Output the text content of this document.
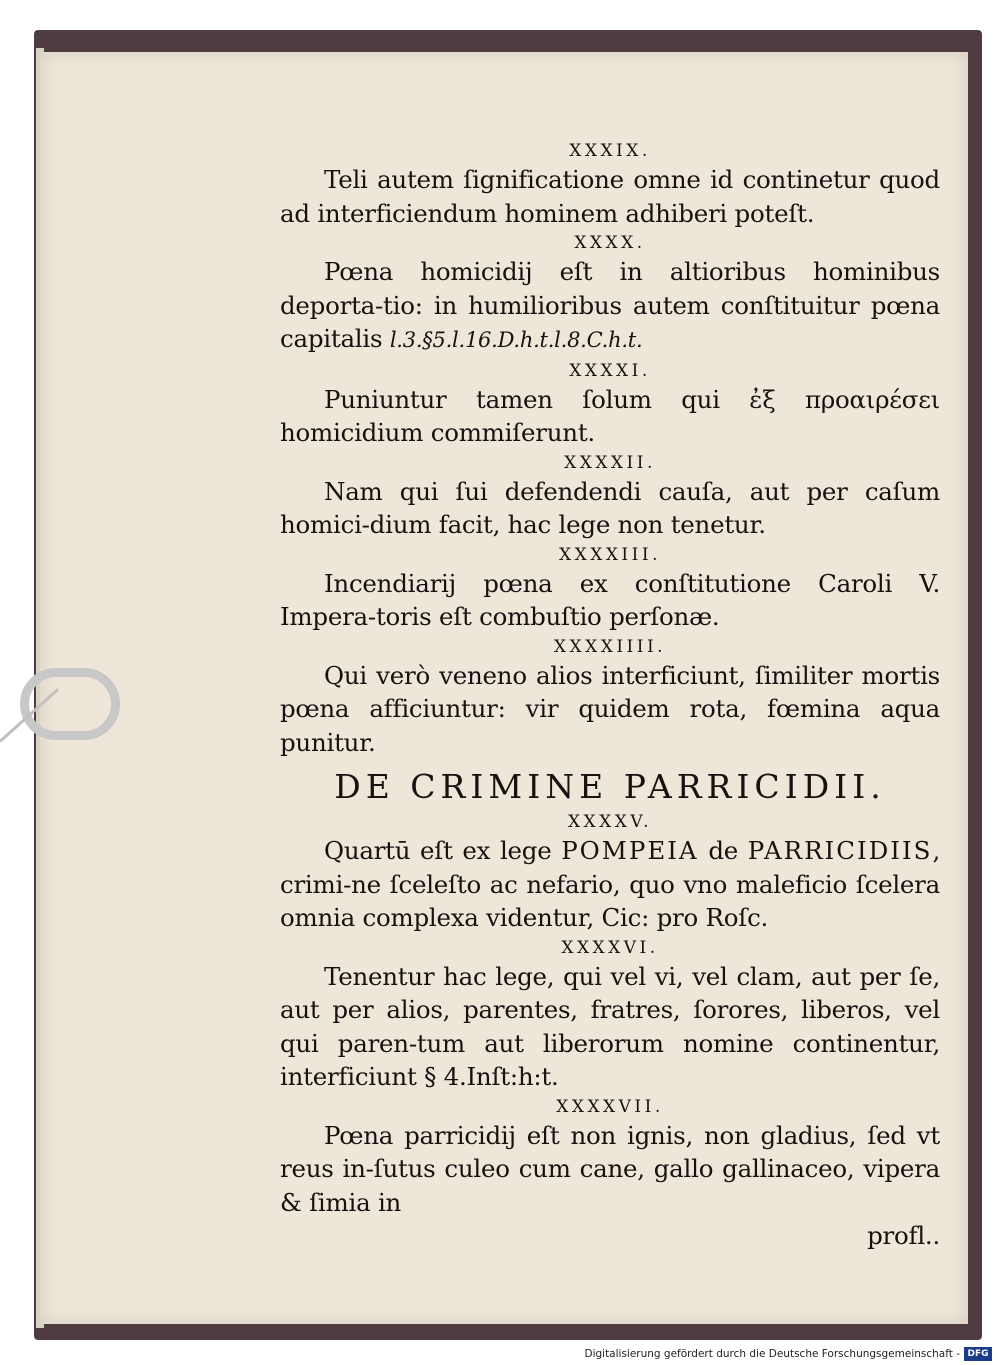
XXXIX.
Teli autem ſignificatione omne id continetur quod ad interficiendum hominem adhiberi poteſt.
XXXX.
Pœna homicidij eſt in altioribus hominibus deporta-tio: in humilioribus autem conſtituitur pœna capitalis l.3.§5.l.16.D.h.t.l.8.C.h.t.
XXXXI.
Puniuntur tamen ſolum qui ἐξ προαιρέσει homicidium commiſerunt.
XXXXII.
Nam qui ſui defendendi cauſa, aut per caſum homici-dium facit, hac lege non tenetur.
XXXXIII.
Incendiarij pœna ex conſtitutione Caroli V. Impera-toris eſt combuſtio perſonæ.
XXXXIIII.
Qui verò veneno alios interficiunt, ſimiliter mortis pœna afficiuntur: vir quidem rota, fœmina aqua punitur.
DE CRIMINE PARRICIDII.
XXXXV.
Quartū eſt ex lege POMPEIA de PARRICIDIIS, crimi-ne ſceleſto ac nefario, quo vno maleficio ſcelera omnia complexa videntur, Cic: pro Roſc.
XXXXVI.
Tenentur hac lege, qui vel vi, vel clam, aut per ſe, aut per alios, parentes, fratres, ſorores, liberos, vel qui paren-tum aut liberorum nomine continentur, interficiunt § 4.Inſt:h:t.
XXXXVII.
Pœna parricidij eſt non ignis, non gladius, ſed vt reus in-ſutus culeo cum cane, gallo gallinaceo, vipera & ſimia in
profl..
Digitalisierung gefördert durch die Deutsche Forschungsgemeinschaft - DFG
